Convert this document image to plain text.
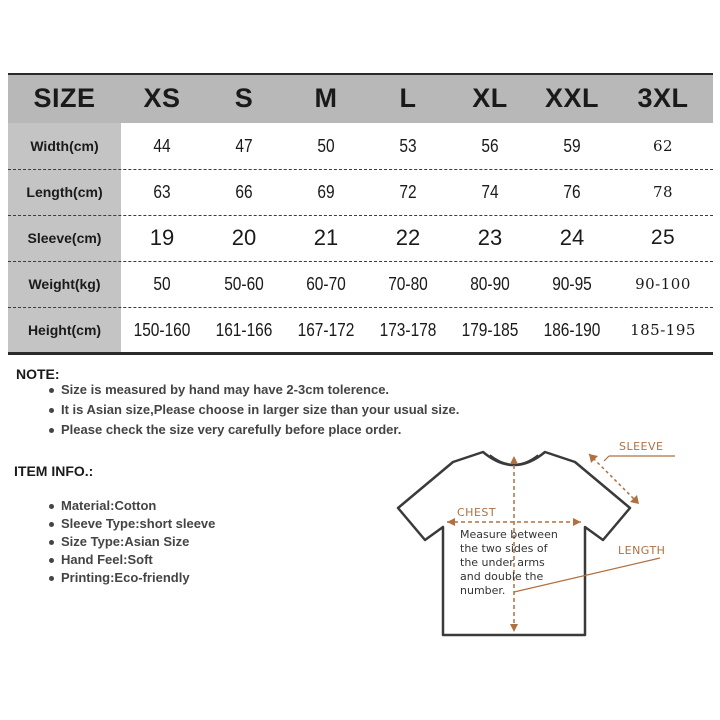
SIZE	XS	S	M	L	XL	XXL	3XL
Width(cm)	44	47	50	53	56	59	62
Length(cm)	63	66	69	72	74	76	78
Sleeve(cm)	19	20	21	22	23	24	25
Weight(kg)	50	50-60	60-70	70-80	80-90	90-95	90-100
Height(cm)	150-160	161-166	167-172	173-178	179-185	186-190	185-195
NOTE:
Size is measured by hand may have 2-3cm tolerence.
It is Asian size,Please choose in larger size than your usual size.
Please check the size very carefully before place order.
ITEM INFO.:
Material:Cotton
Sleeve Type:short sleeve
Size Type:Asian Size
Hand Feel:Soft
Printing:Eco-friendly
SLEEVE
CHEST
LENGTH
Measure between
the two sides of
the under arms
and double the
number.
